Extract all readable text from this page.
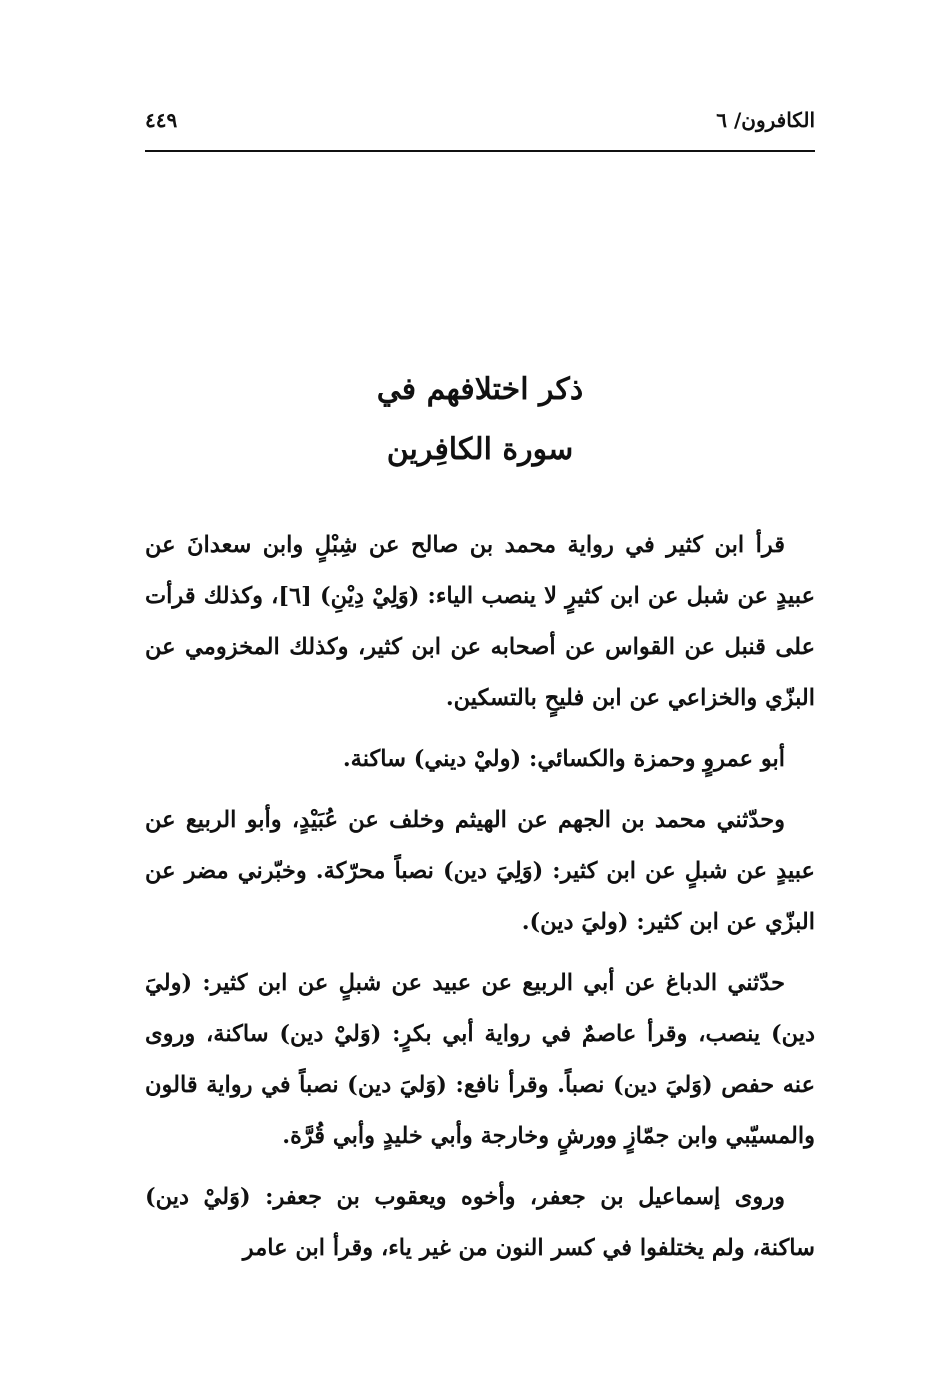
الكافرون/ ٦
٤٤٩
ذكر اختلافهم في
سورة الكافِرين

قرأ ابن كثير في رواية محمد بن صالح عن شِبْلٍ وابن سعدانَ عن عبيدٍ عن شبل عن ابن كثيرٍ لا ينصب الياء: (وَلِيْ دِيْنِ) [٦]، وكذلك قرأت على قنبل عن القواس عن أصحابه عن ابن كثير، وكذلك المخزومي عن البزّي والخزاعي عن ابن فليحٍ بالتسكين.

أبو عمروٍ وحمزة والكسائي: (وليْ ديني) ساكنة.

وحدّثني محمد بن الجهم عن الهيثم وخلف عن عُبَيْدٍ، وأبو الربيع عن عبيدٍ عن شبلٍ عن ابن كثير: (وَلِيَ دين) نصباً محرّكة. وخبّرني مضر عن البزّي عن ابن كثير: (وليَ دين).

حدّثني الدباغ عن أبي الربيع عن عبيد عن شبلٍ عن ابن كثير: (وليَ دين) ينصب، وقرأ عاصمٌ في رواية أبي بكرٍ: (وَليْ دين) ساكنة، وروى عنه حفص (وَليَ دين) نصباً. وقرأ نافع: (وَليَ دين) نصباً في رواية قالون والمسيّبي وابن جمّازٍ وورشٍ وخارجة وأبي خليدٍ وأبي قُرَّة.

وروى إسماعيل بن جعفر، وأخوه ويعقوب بن جعفر: (وَليْ دين) ساكنة، ولم يختلفوا في كسر النون من غير ياء، وقرأ ابن عامر
